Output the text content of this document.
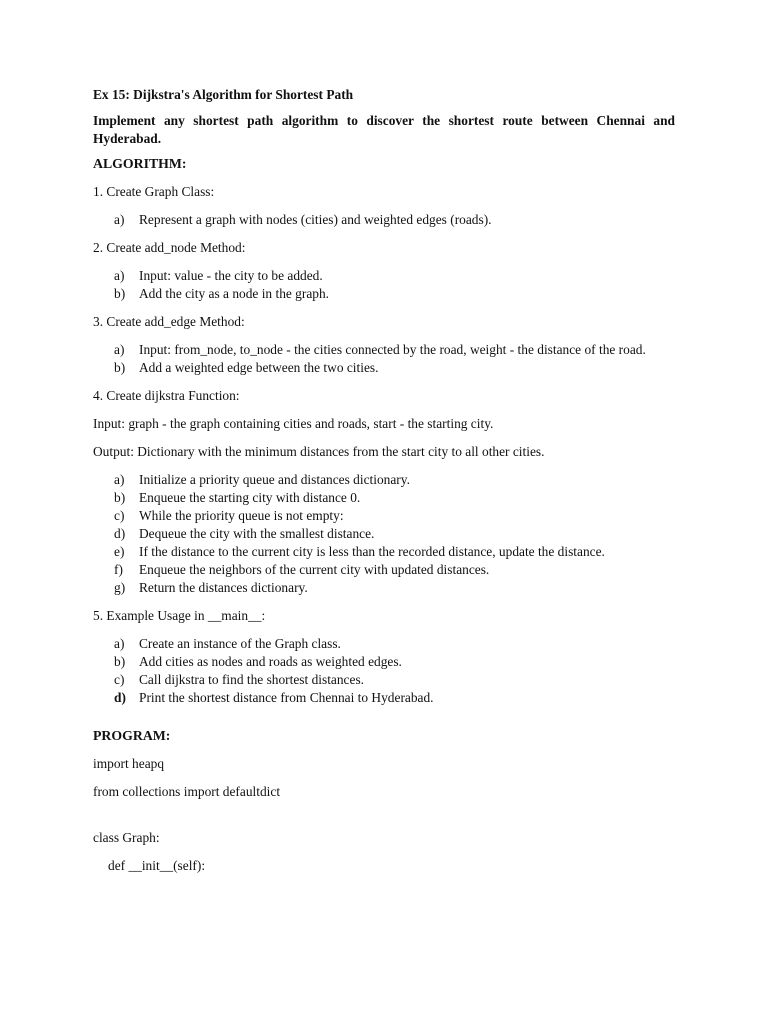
Ex 15: Dijkstra's Algorithm for Shortest Path

Implement any shortest path algorithm to discover the shortest route between Chennai and Hyderabad.

ALGORITHM:

1. Create Graph Class:

a) Represent a graph with nodes (cities) and weighted edges (roads).

2. Create add_node Method:

a) Input: value - the city to be added.
b) Add the city as a node in the graph.

3. Create add_edge Method:

a) Input: from_node, to_node - the cities connected by the road, weight - the distance of the road.
b) Add a weighted edge between the two cities.

4. Create dijkstra Function:

Input: graph - the graph containing cities and roads, start - the starting city.

Output: Dictionary with the minimum distances from the start city to all other cities.

a) Initialize a priority queue and distances dictionary.
b) Enqueue the starting city with distance 0.
c) While the priority queue is not empty:
d) Dequeue the city with the smallest distance.
e) If the distance to the current city is less than the recorded distance, update the distance.
f) Enqueue the neighbors of the current city with updated distances.
g) Return the distances dictionary.

5. Example Usage in __main__:

a) Create an instance of the Graph class.
b) Add cities as nodes and roads as weighted edges.
c) Call dijkstra to find the shortest distances.
d) Print the shortest distance from Chennai to Hyderabad.

PROGRAM:

import heapq

from collections import defaultdict

class Graph:

def __init__(self):
